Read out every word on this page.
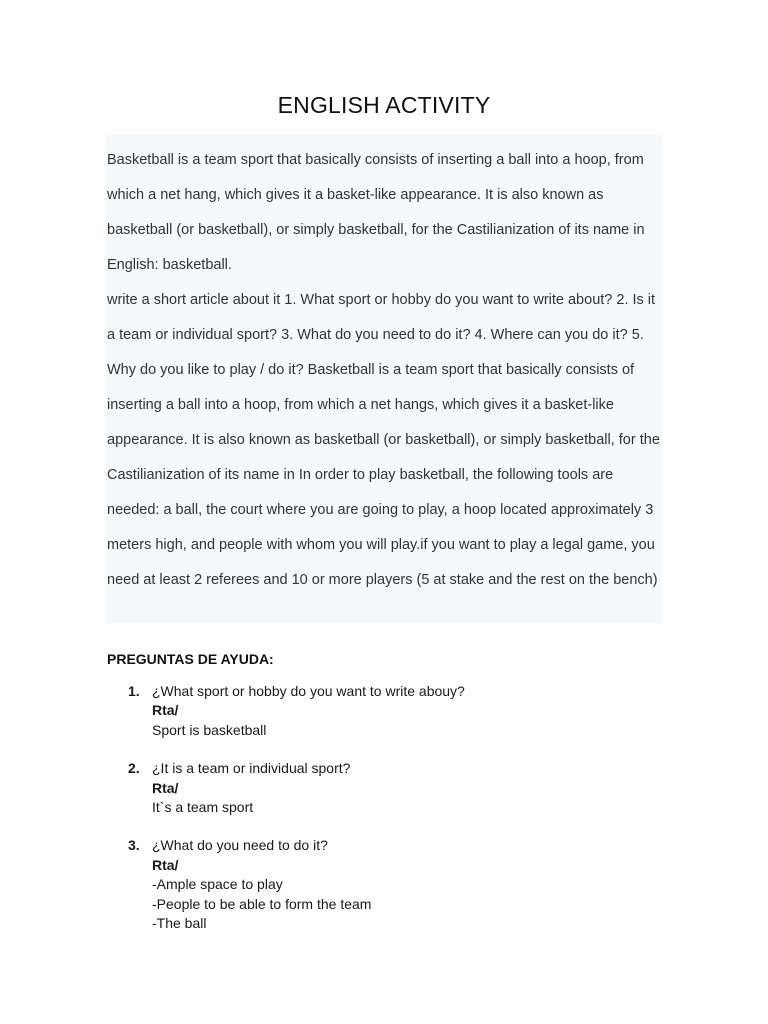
ENGLISH ACTIVITY

Basketball is a team sport that basically consists of inserting a ball into a hoop, from which a net hang, which gives it a basket-like appearance. It is also known as basketball (or basketball), or simply basketball, for the Castilianization of its name in English: basketball.

write a short article about it 1. What sport or hobby do you want to write about? 2. Is it a team or individual sport? 3. What do you need to do it? 4. Where can you do it? 5. Why do you like to play / do it? Basketball is a team sport that basically consists of inserting a ball into a hoop, from which a net hangs, which gives it a basket-like appearance. It is also known as basketball (or basketball), or simply basketball, for the Castilianization of its name in In order to play basketball, the following tools are needed: a ball, the court where you are going to play, a hoop located approximately 3 meters high, and people with whom you will play.if you want to play a legal game, you need at least 2 referees and 10 or more players (5 at stake and the rest on the bench)

PREGUNTAS DE AYUDA:
1. ¿What sport or hobby do you want to write abouy?
Rta/
Sport is basketball
2. ¿It is a team or individual sport?
Rta/
It`s a team sport
3. ¿What do you need to do it?
Rta/
-Ample space to play
-People to be able to form the team
-The ball
